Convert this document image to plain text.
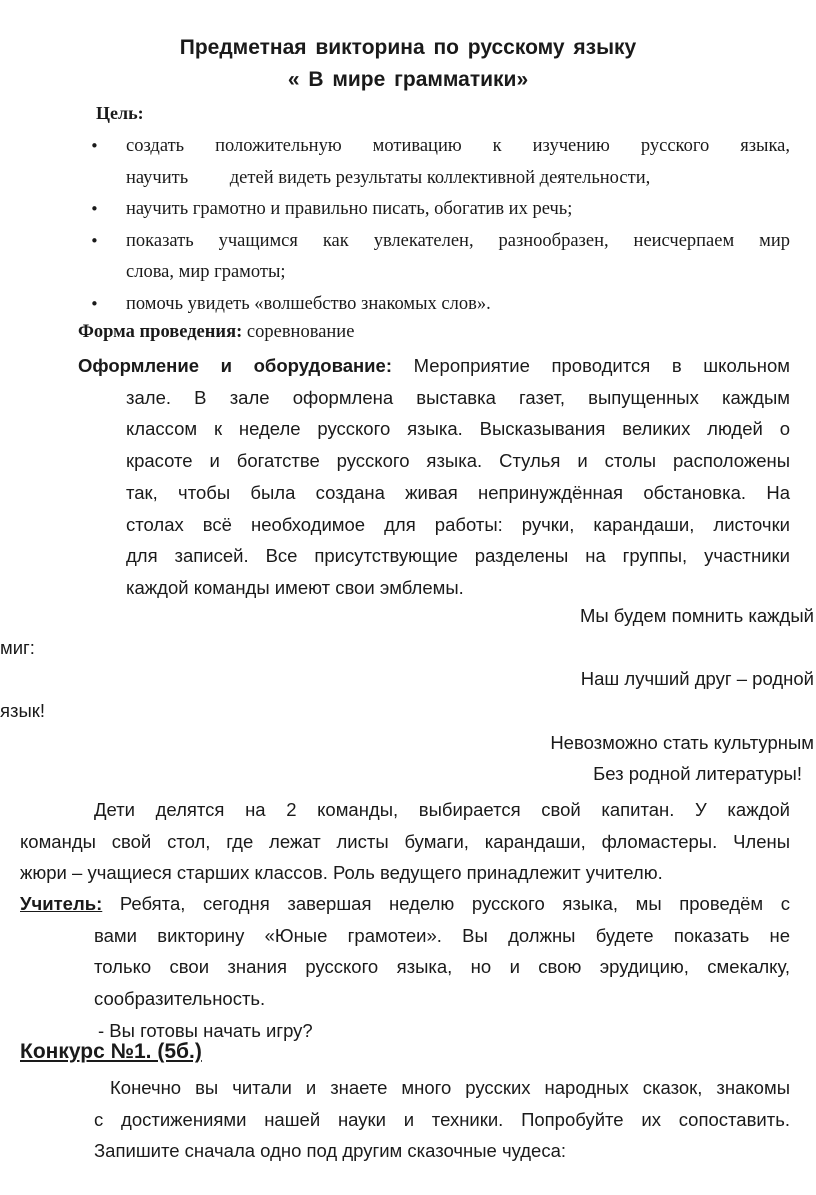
Предметная викторина по русскому языку
« В мире грамматики»
Цель:
• создать положительную мотивацию к изучению русского языка,
научить         детей видеть результаты коллективной деятельности,
• научить грамотно и правильно писать, обогатив их речь;
• показать учащимся как увлекателен, разнообразен, неисчерпаем мир
слова, мир грамоты;
• помочь увидеть «волшебство знакомых слов».
Форма проведения: соревнование
Оформление и оборудование: Мероприятие проводится в школьном
зале. В зале оформлена выставка газет, выпущенных каждым
классом к неделе русского языка. Высказывания великих людей о
красоте и богатстве русского языка. Стулья и столы расположены
так, чтобы была создана живая непринуждённая обстановка. На
столах всё необходимое для работы: ручки, карандаши, листочки
для записей. Все присутствующие разделены на группы, участники
каждой команды имеют свои эмблемы.
Мы будем помнить каждый
миг:
Наш лучший друг – родной
язык!
Невозможно стать культурным
Без родной литературы!
Дети делятся на 2 команды, выбирается свой капитан. У каждой
команды свой стол, где лежат листы бумаги, карандаши, фломастеры. Члены
жюри – учащиеся старших классов. Роль ведущего принадлежит учителю.
Учитель: Ребята, сегодня завершая неделю русского языка, мы проведём с
вами викторину «Юные грамотеи». Вы должны будете показать не
только свои знания русского языка, но и свою эрудицию, смекалку,
сообразительность.
- Вы готовы начать игру?
Конкурс №1. (5б.)
Конечно вы читали и знаете много русских народных сказок, знакомы
с достижениями нашей науки и техники. Попробуйте их сопоставить.
Запишите сначала одно под другим сказочные чудеса:
